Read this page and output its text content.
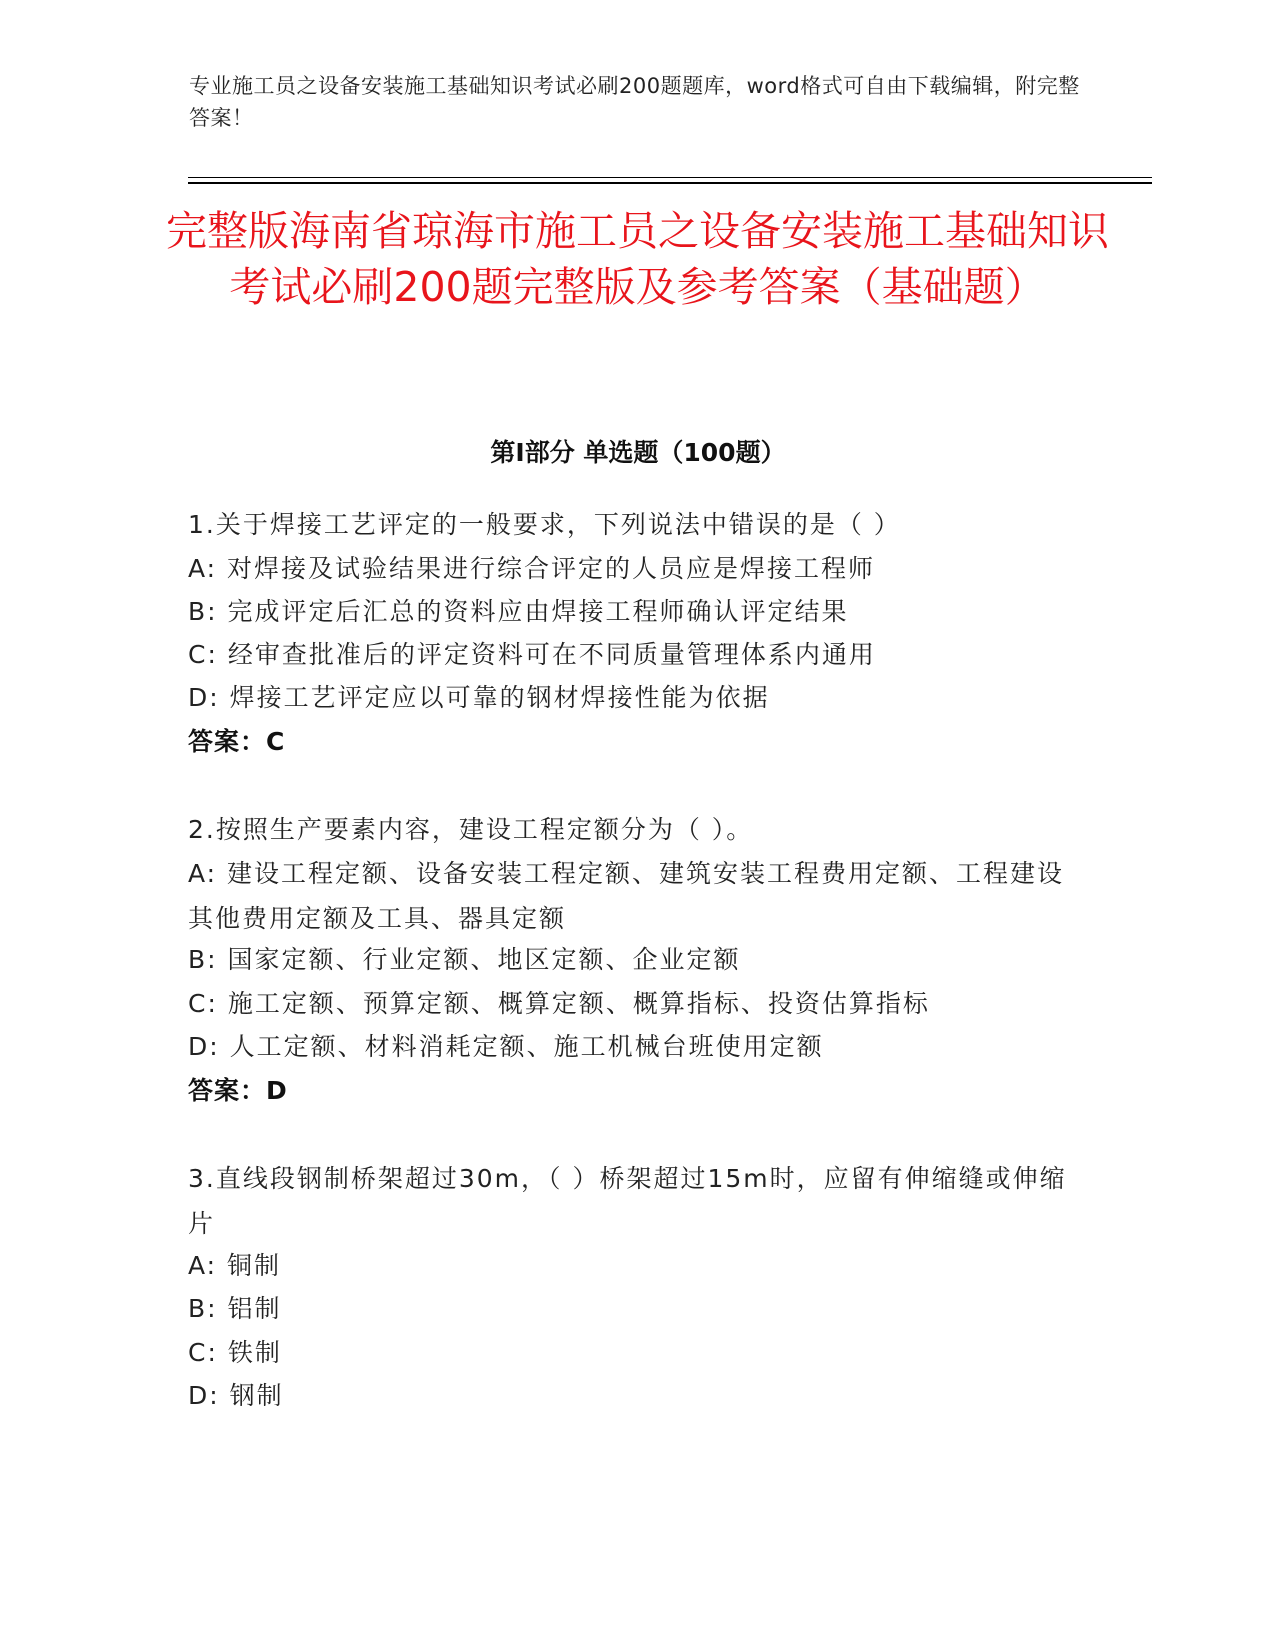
专业施工员之设备安装施工基础知识考试必刷200题题库，word格式可自由下载编辑，附完整答案！
完整版海南省琼海市施工员之设备安装施工基础知识考试必刷200题完整版及参考答案（基础题）
第I部分 单选题（100题）
1.关于焊接工艺评定的一般要求，下列说法中错误的是（ ）
A: 对焊接及试验结果进行综合评定的人员应是焊接工程师
B: 完成评定后汇总的资料应由焊接工程师确认评定结果
C: 经审查批准后的评定资料可在不同质量管理体系内通用
D: 焊接工艺评定应以可靠的钢材焊接性能为依据
答案：C
2.按照生产要素内容，建设工程定额分为（ ）。
A: 建设工程定额、设备安装工程定额、建筑安装工程费用定额、工程建设其他费用定额及工具、器具定额
B: 国家定额、行业定额、地区定额、企业定额
C: 施工定额、预算定额、概算定额、概算指标、投资估算指标
D: 人工定额、材料消耗定额、施工机械台班使用定额
答案：D
3.直线段钢制桥架超过30m，（ ）桥架超过15m时，应留有伸缩缝或伸缩片
A: 铜制
B: 铝制
C: 铁制
D: 钢制
